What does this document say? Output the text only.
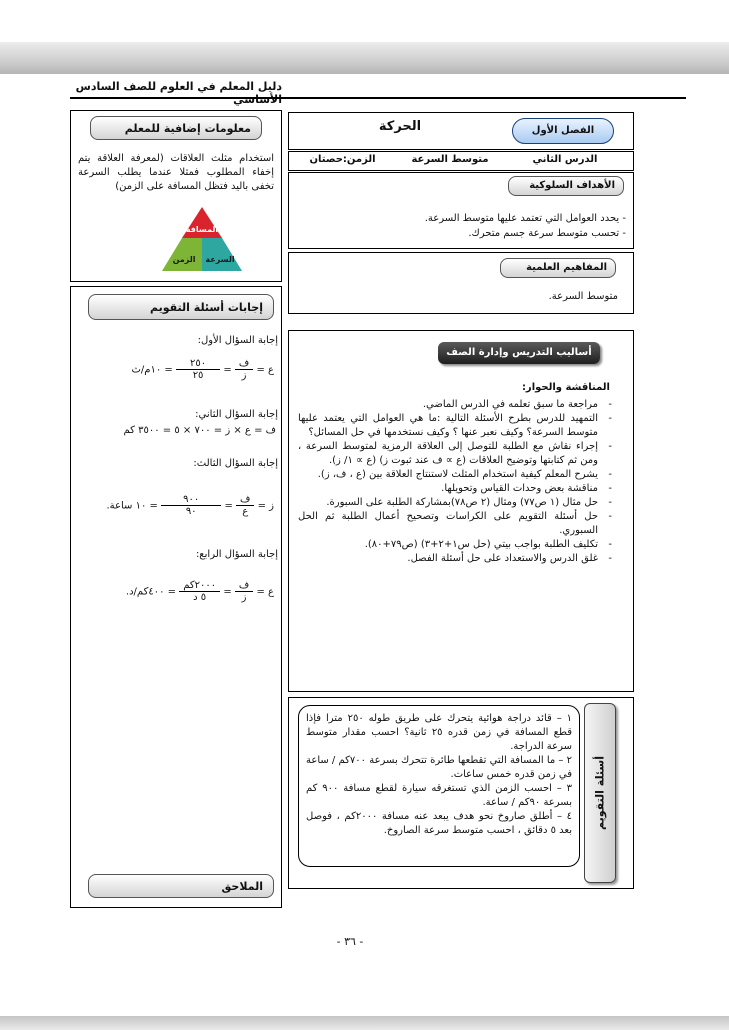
دليل المعلم في العلوم للصف السادس الأساسي
معلومات إضافية للمعلم
استخدام مثلث العلاقات (لمعرفة العلاقة يتم إخفاء المطلوب فمثلا عندما يطلب السرعة تخفى باليد فتظل المسافة على الزمن)
المسافة
السرعة
الزمن
إجابات أسئلة التقويم
إجابة السؤال الأول:
ع =
$\frac{\text{ف}}{\text{ز}}$
=
$\frac{٢٥٠}{٢٥}$
= ١٠م/ث
إجابة السؤال الثاني:
ف = ع × ز = ٧٠٠ × ٥ = ٣٥٠٠ كم
إجابة السؤال الثالث:
ز =
$\frac{\text{ف}}{\text{ع}}$
=
$\frac{٩٠٠}{٩٠}$
= ١٠ ساعة.
إجابة السؤال الرابع:
ع =
$\frac{\text{ف}}{\text{ز}}$
=
$\frac{\text{٢٠٠٠كم}}{\text{٥ د}}$
= ٤٠٠كم/د.
الملاحق
الفصل الأول
الحركة
الدرس الثاني
متوسط السرعة
الزمن:حصتان
الأهداف السلوكية
- يحدد العوامل التي تعتمد عليها متوسط السرعة.
- تحسب متوسط سرعة جسم متحرك.
المفاهيم العلمية
متوسط السرعة.
أساليب التدريس وإدارة الصف
المناقشة والحوار:
- مراجعة ما سبق تعلمه في الدرس الماضي.
- التمهيد للدرس بطرح الأسئلة التالية :ما هي العوامل التي يعتمد عليها متوسط السرعة؟ وكيف نعبر عنها ؟ وكيف نستخدمها في حل المسائل؟
- إجراء نقاش مع الطلبة للتوصل إلى العلاقة الرمزية لمتوسط السرعة ، ومن ثم كتابتها وتوضيح العلاقات (ع ∝ ف عند ثبوت ز) (ع ∝ ١/ ز).
- يشرح المعلم كيفية استخدام المثلث لاستنتاج العلاقة بين (ع ، ف، ز).
- مناقشة بعض وحدات القياس وتحويلها.
- حل مثال (١ ص٧٧) ومثال (٢ ص٧٨)بمشاركة الطلبة على السبورة.
- حل أسئلة التقويم على الكراسات وتصحيح أعمال الطلبة ثم الحل السبوري.
- تكليف الطلبة بواجب بيتي (حل س١+٢+٣) (ص٧٩+٨٠).
- غلق الدرس والاستعداد على حل أسئلة الفصل.
أسئلة التقويم
١ – قائد دراجة هوائية يتحرك على طريق طوله ٢٥٠ مترا فإذا قطع المسافة في زمن قدره ٢٥ ثانية؟ احسب مقدار متوسط سرعة الدراجة.
٢ – ما المسافة التي تقطعها طائرة تتحرك بسرعة ٧٠٠كم / ساعة في زمن قدره خمس ساعات.
٣ – احسب الزمن الذي تستغرقه سيارة لقطع مسافة ٩٠٠ كم بسرعة ٩٠كم / ساعة.
٤ – أطلق صاروخ نحو هدف يبعد عنه مسافة ٢٠٠٠كم ، فوصل بعد ٥ دقائق ، احسب متوسط سرعة الصاروخ.
- ٣٦ -
